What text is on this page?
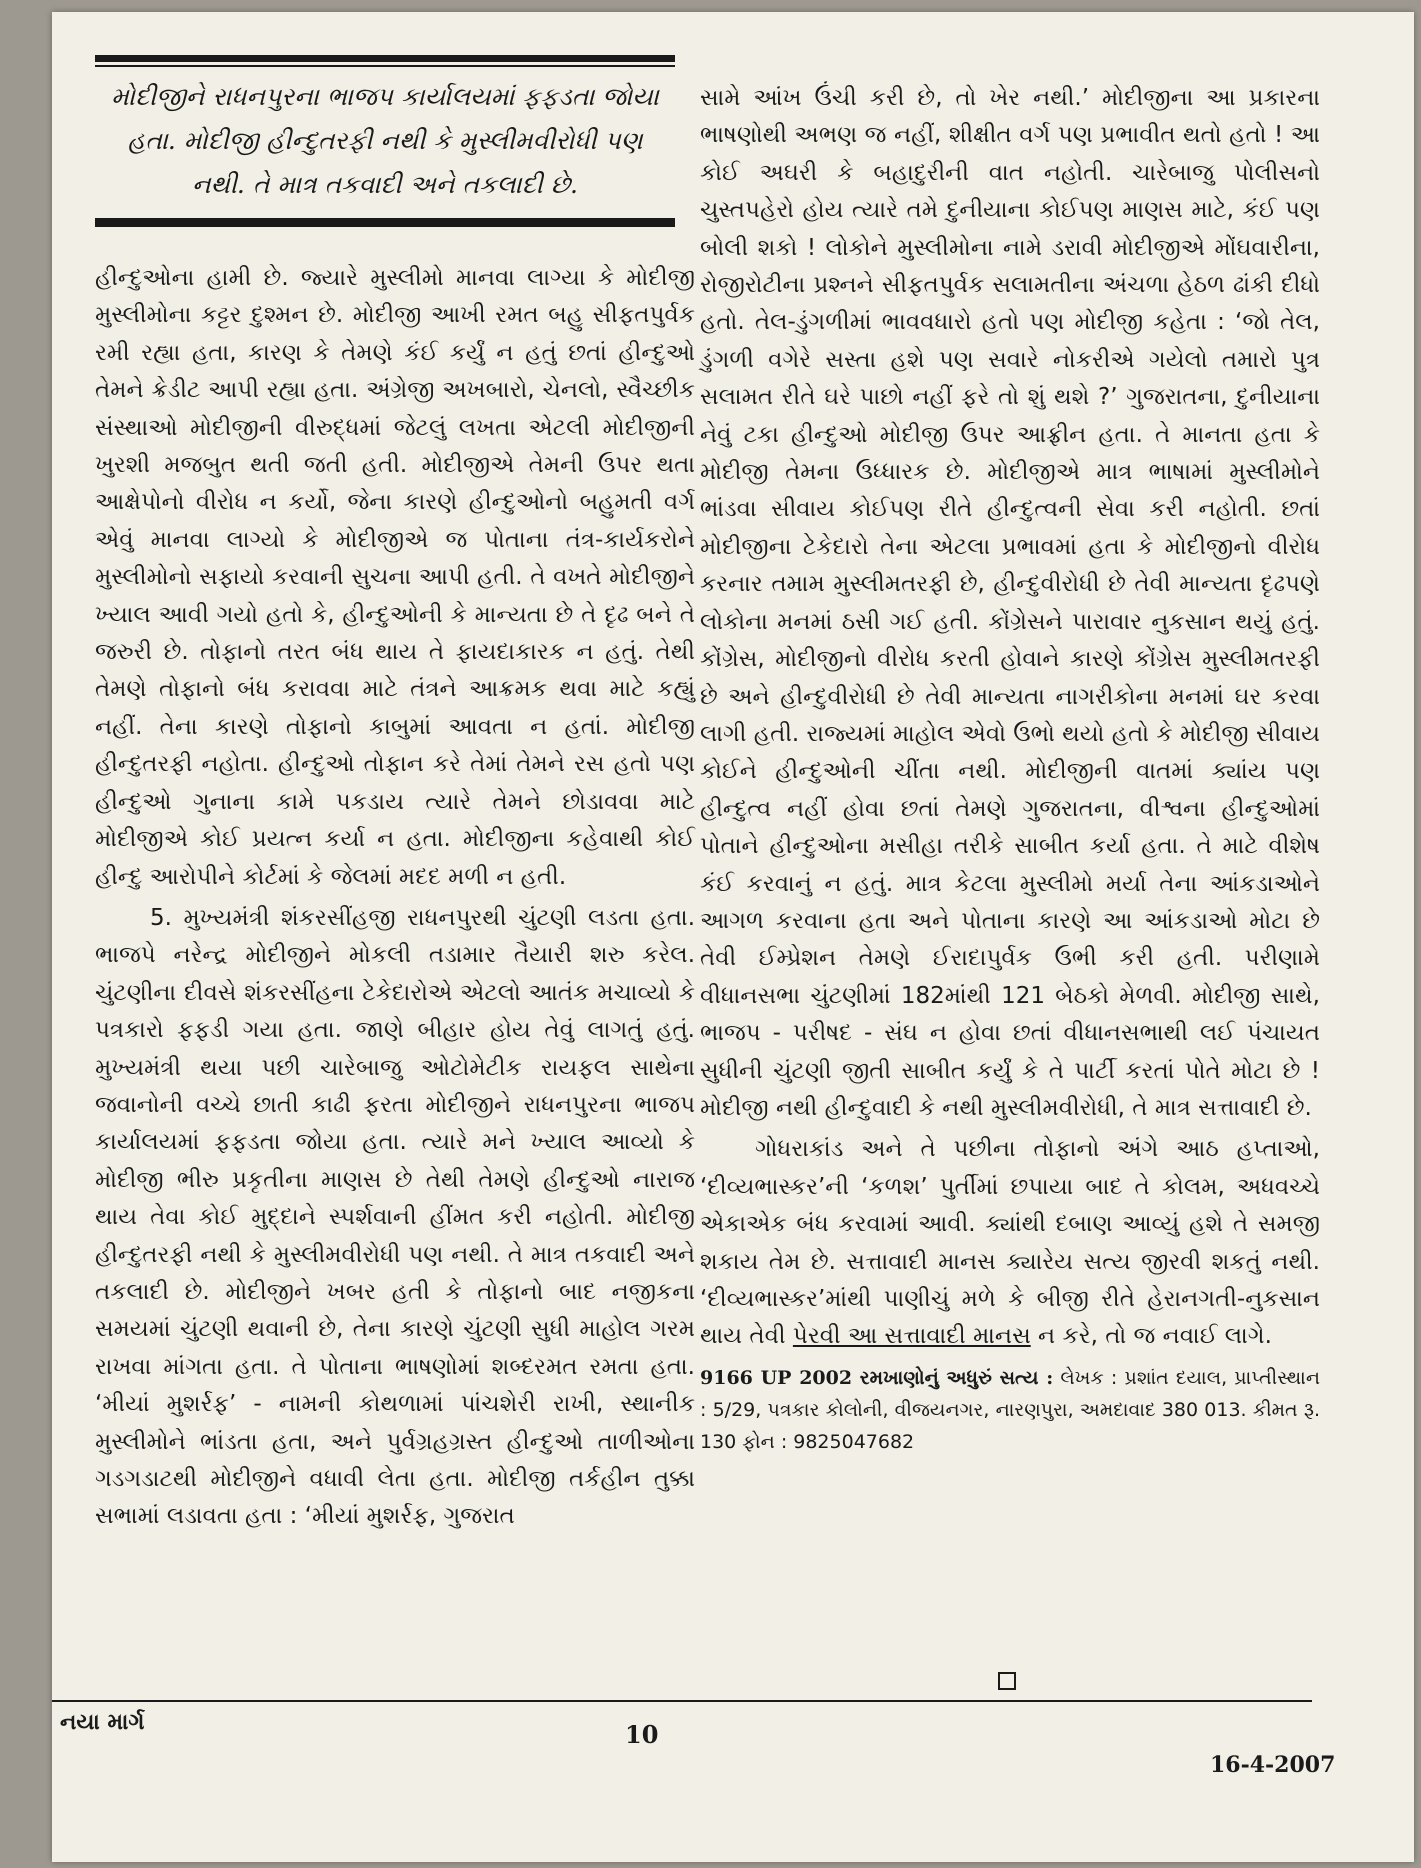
મોદીજીને રાધનપુરના ભાજપ કાર્યાલયમાં ફફડતા જોયા હતા. મોદીજી હીન્દુતરફી નથી કે મુસ્લીમવીરોધી પણ નથી. તે માત્ર તકવાદી અને તકલાદી છે.

હીન્દુઓના હામી છે. જ્યારે મુસ્લીમો માનવા લાગ્યા કે મોદીજી મુસ્લીમોના કટ્ટર દુશ્મન છે. મોદીજી આખી રમત બહુ સીફતપુર્વક રમી રહ્યા હતા, કારણ કે તેમણે કંઈ કર્યું ન હતું છતાં હીન્દુઓ તેમને ક્રેડીટ આપી રહ્યા હતા. અંગ્રેજી અખબારો, ચેનલો, સ્વૈચ્છીક સંસ્થાઓ મોદીજીની વીરુદ્ધમાં જેટલું લખતા એટલી મોદીજીની ખુરશી મજબુત થતી જતી હતી. મોદીજીએ તેમની ઉપર થતા આક્ષેપોનો વીરોધ ન કર્યો, જેના કારણે હીન્દુઓનો બહુમતી વર્ગ એવું માનવા લાગ્યો કે મોદીજીએ જ પોતાના તંત્ર-કાર્યકરોને મુસ્લીમોનો સફાયો કરવાની સુચના આપી હતી. તે વખતે મોદીજીને ખ્યાલ આવી ગયો હતો કે, હીન્દુઓની કે માન્યતા છે તે દૃઢ બને તે જરુરી છે. તોફાનો તરત બંધ થાય તે ફાયદાકારક ન હતું. તેથી તેમણે તોફાનો બંધ કરાવવા માટે તંત્રને આક્રમક થવા માટે કહ્યું નહીં. તેના કારણે તોફાનો કાબુમાં આવતા ન હતાં. મોદીજી હીન્દુતરફી નહોતા. હીન્દુઓ તોફાન કરે તેમાં તેમને રસ હતો પણ હીન્દુઓ ગુનાના કામે પકડાય ત્યારે તેમને છોડાવવા માટે મોદીજીએ કોઈ પ્રયત્ન કર્યા ન હતા. મોદીજીના કહેવાથી કોઈ હીન્દુ આરોપીને કોર્ટમાં કે જેલમાં મદદ મળી ન હતી.

5. મુખ્યમંત્રી શંકરસીંહજી રાધનપુરથી ચુંટણી લડતા હતા. ભાજપે નરેન્દ્ર મોદીજીને મોકલી તડામાર તૈયારી શરુ કરેલ. ચુંટણીના દીવસે શંકરસીંહના ટેકેદારોએ એટલો આતંક મચાવ્યો કે પત્રકારો ફફડી ગયા હતા. જાણે બીહાર હોય તેવું લાગતું હતું. મુખ્યમંત્રી થયા પછી ચારેબાજુ ઓટોમેટીક રાયફલ સાથેના જવાનોની વચ્ચે છાતી કાઢી ફરતા મોદીજીને રાધનપુરના ભાજપ કાર્યાલયમાં ફફડતા જોયા હતા. ત્યારે મને ખ્યાલ આવ્યો કે મોદીજી ભીરુ પ્રકૃતીના માણસ છે તેથી તેમણે હીન્દુઓ નારાજ થાય તેવા કોઈ મુદ્દાને સ્પર્શવાની હીંમત કરી નહોતી. મોદીજી હીન્દુતરફી નથી કે મુસ્લીમવીરોધી પણ નથી. તે માત્ર તકવાદી અને તકલાદી છે. મોદીજીને ખબર હતી કે તોફાનો બાદ નજીકના સમયમાં ચુંટણી થવાની છે, તેના કારણે ચુંટણી સુધી માહોલ ગરમ રાખવા માંગતા હતા. તે પોતાના ભાષણોમાં શબ્દરમત રમતા હતા. ‘મીયાં મુશર્રફ’ - નામની કોથળામાં પાંચશેરી રાખી, સ્થાનીક મુસ્લીમોને ભાંડતા હતા, અને પુર્વગ્રહગ્રસ્ત હીન્દુઓ તાળીઓના ગડગડાટથી મોદીજીને વધાવી લેતા હતા. મોદીજી તર્કહીન તુક્કા સભામાં લડાવતા હતા : ‘મીયાં મુશર્રફ, ગુજરાત

સામે આંખ ઉંચી કરી છે, તો ખેર નથી.’ મોદીજીના આ પ્રકારના ભાષણોથી અભણ જ નહીં, શીક્ષીત વર્ગ પણ પ્રભાવીત થતો હતો ! આ કોઈ અઘરી કે બહાદુરીની વાત નહોતી. ચારેબાજુ પોલીસનો ચુસ્તપહેરો હોય ત્યારે તમે દુનીયાના કોઈપણ માણસ માટે, કંઈ પણ બોલી શકો ! લોકોને મુસ્લીમોના નામે ડરાવી મોદીજીએ મોંઘવારીના, રોજીરોટીના પ્રશ્નને સીફતપુર્વક સલામતીના અંચળા હેઠળ ઢાંકી દીધો હતો. તેલ-ડુંગળીમાં ભાવવધારો હતો પણ મોદીજી કહેતા : ‘જો તેલ, ડુંગળી વગેરે સસ્તા હશે પણ સવારે નોકરીએ ગયેલો તમારો પુત્ર સલામત રીતે ઘરે પાછો નહીં ફરે તો શું થશે ?’ ગુજરાતના, દુનીયાના નેવું ટકા હીન્દુઓ મોદીજી ઉપર આફ્રીન હતા. તે માનતા હતા કે મોદીજી તેમના ઉધ્ધારક છે. મોદીજીએ માત્ર ભાષામાં મુસ્લીમોને ભાંડવા સીવાય કોઈપણ રીતે હીન્દુત્વની સેવા કરી નહોતી. છતાં મોદીજીના ટેકેદારો તેના એટલા પ્રભાવમાં હતા કે મોદીજીનો વીરોધ કરનાર તમામ મુસ્લીમતરફી છે, હીન્દુવીરોધી છે તેવી માન્યતા દૃઢપણે લોકોના મનમાં ઠસી ગઈ હતી. કોંગ્રેસને પારાવાર નુકસાન થયું હતું. કોંગ્રેસ, મોદીજીનો વીરોધ કરતી હોવાને કારણે કોંગ્રેસ મુસ્લીમતરફી છે અને હીન્દુવીરોધી છે તેવી માન્યતા નાગરીકોના મનમાં ઘર કરવા લાગી હતી. રાજ્યમાં માહોલ એવો ઉભો થયો હતો કે મોદીજી સીવાય કોઈને હીન્દુઓની ચીંતા નથી. મોદીજીની વાતમાં ક્યાંય પણ હીન્દુત્વ નહીં હોવા છતાં તેમણે ગુજરાતના, વીશ્વના હીન્દુઓમાં પોતાને હીન્દુઓના મસીહા તરીકે સાબીત કર્યા હતા. તે માટે વીશેષ કંઈ કરવાનું ન હતું. માત્ર કેટલા મુસ્લીમો મર્યા તેના આંકડાઓને આગળ કરવાના હતા અને પોતાના કારણે આ આંકડાઓ મોટા છે તેવી ઈમ્પ્રેશન તેમણે ઈરાદાપુર્વક ઉભી કરી હતી. પરીણામે વીધાનસભા ચુંટણીમાં 182માંથી 121 બેઠકો મેળવી. મોદીજી સાથે, ભાજપ - પરીષદ - સંઘ ન હોવા છતાં વીધાનસભાથી લઈ પંચાયત સુધીની ચુંટણી જીતી સાબીત કર્યું કે તે પાર્ટી કરતાં પોતે મોટા છે ! મોદીજી નથી હીન્દુવાદી કે નથી મુસ્લીમવીરોધી, તે માત્ર સત્તાવાદી છે.

ગોધરાકાંડ અને તે પછીના તોફાનો અંગે આઠ હપ્તાઓ, ‘દીવ્યભાસ્કર’ની ‘કળશ’ પુર્તીમાં છપાયા બાદ તે કોલમ, અધવચ્ચે એકાએક બંધ કરવામાં આવી. ક્યાંથી દબાણ આવ્યું હશે તે સમજી શકાય તેમ છે. સત્તાવાદી માનસ ક્યારેય સત્ય જીરવી શકતું નથી. ‘દીવ્યભાસ્કર’માંથી પાણીચું મળે કે બીજી રીતે હેરાનગતી-નુકસાન થાય તેવી પેરવી આ સત્તાવાદી માનસ ન કરે, તો જ નવાઈ લાગે.

9166 UP 2002 રમખાણોનું અધુરું સત્ય : લેખક : પ્રશાંત દયાલ, પ્રાપ્તીસ્થાન : 5/29, પત્રકાર કોલોની, વીજયનગર, નારણપુરા, અમદાવાદ 380 013. કીમત રૂ. 130 ફોન : 9825047682

નયા માર્ગ	10
16-4-2007
